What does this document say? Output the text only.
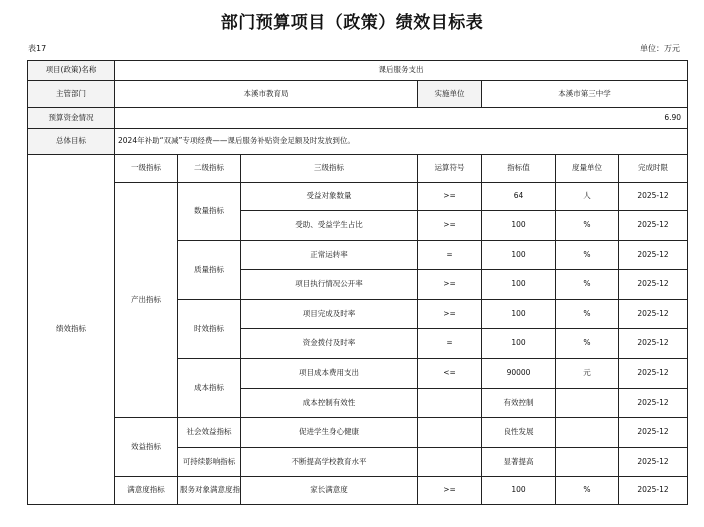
部门预算项目（政策）绩效目标表
表17	单位：万元
项目(政策)名称	课后服务支出						
主管部门	本溪市教育局			实施单位	本溪市第三中学		
预算资金情况	6.90						
总体目标	2024年补助“双减”专项经费——课后服务补贴资金足额及时发放到位。						
绩效指标	一级指标	二级指标	三级指标	运算符号	指标值	度量单位	完成时限
	产出指标	数量指标	受益对象数量	>=	64	人	2025-12
			受助、受益学生占比	>=	100	%	2025-12
		质量指标	正常运转率	=	100	%	2025-12
			项目执行情况公开率	>=	100	%	2025-12
		时效指标	项目完成及时率	>=	100	%	2025-12
			资金拨付及时率	=	100	%	2025-12
		成本指标	项目成本费用支出	<=	90000	元	2025-12
			成本控制有效性		有效控制		2025-12
	效益指标	社会效益指标	促进学生身心健康		良性发展		2025-12
		可持续影响指标	不断提高学校教育水平		显著提高		2025-12
	满意度指标	服务对象满意度指	家长满意度	>=	100	%	2025-12
